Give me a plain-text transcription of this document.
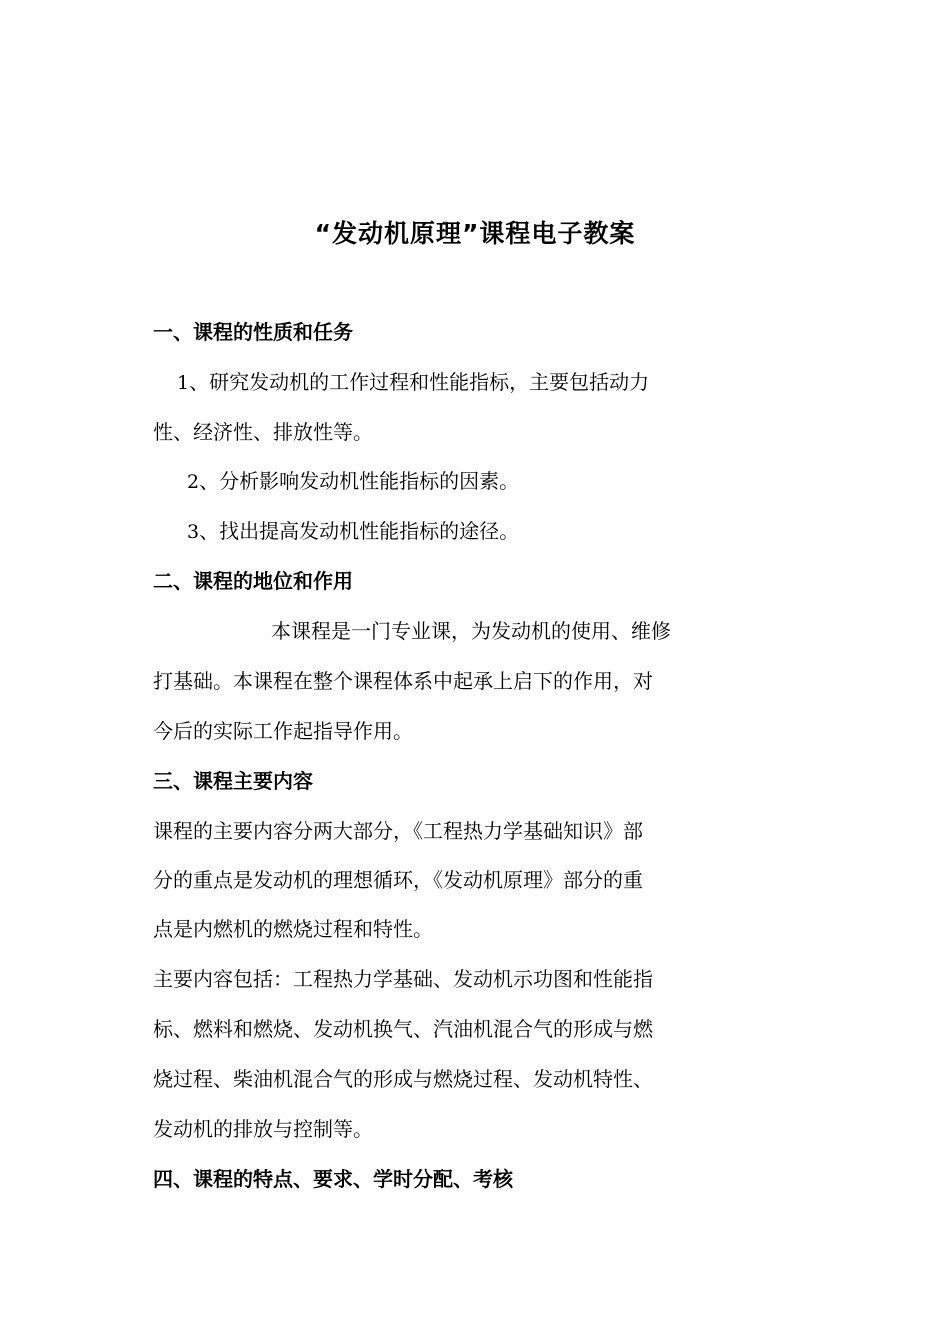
“发动机原理”课程电子教案
一、课程的性质和任务
1、研究发动机的工作过程和性能指标，主要包括动力
性、经济性、排放性等。
2、分析影响发动机性能指标的因素。
3、找出提高发动机性能指标的途径。
二、课程的地位和作用
本课程是一门专业课，为发动机的使用、维修
打基础。本课程在整个课程体系中起承上启下的作用，对
今后的实际工作起指导作用。
三、课程主要内容
课程的主要内容分两大部分，《工程热力学基础知识》部
分的重点是发动机的理想循环，《发动机原理》部分的重
点是内燃机的燃烧过程和特性。
主要内容包括：工程热力学基础、发动机示功图和性能指
标、燃料和燃烧、发动机换气、汽油机混合气的形成与燃
烧过程、柴油机混合气的形成与燃烧过程、发动机特性、
发动机的排放与控制等。
四、课程的特点、要求、学时分配、考核
